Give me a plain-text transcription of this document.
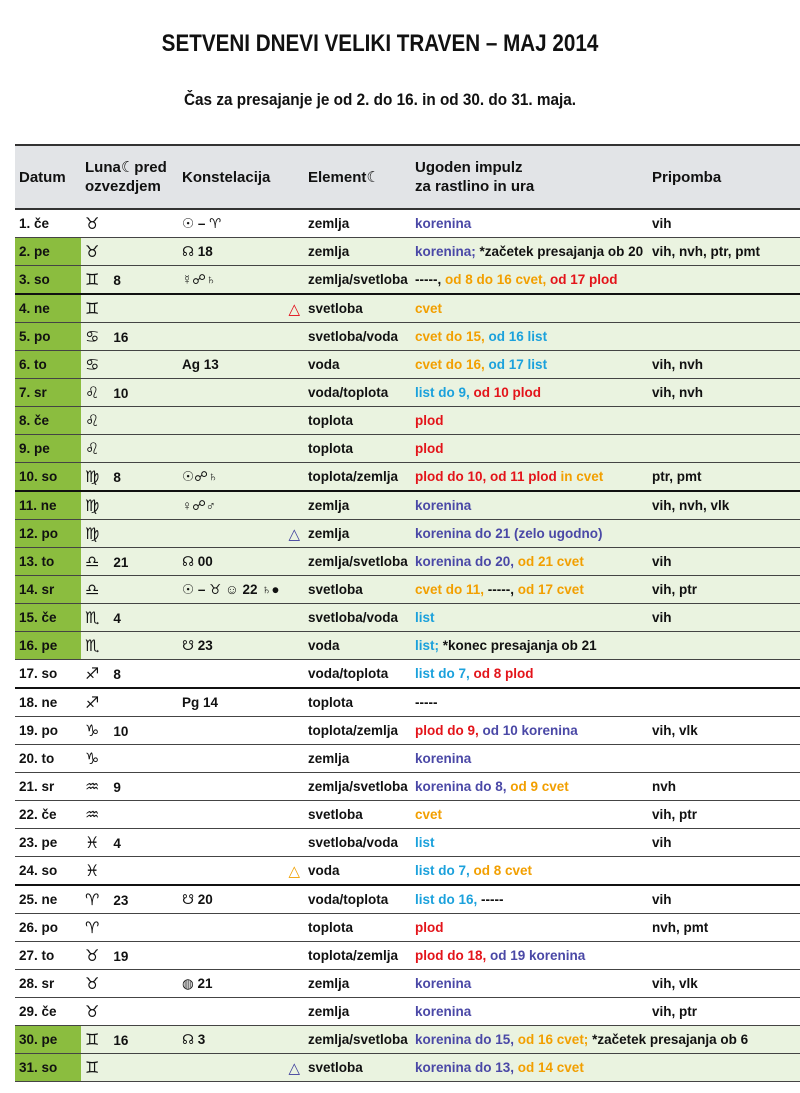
SETVENI DNEVI VELIKI TRAVEN – MAJ 2014
Čas za presajanje je od 2. do 16. in od 30. do 31. maja.
Datum	Luna☾pred
ozvezdjem	Konstelacija	Element☾	Ugoden impulz
za rastlino in ura	Pripomba
1. če	♉	☉ – ♈	zemlja	korenina	vih
2. pe	♉	☊ 18	zemlja	korenina; *začetek presajanja ob 20	vih, nvh, ptr, pmt
3. so	♊ 8	☿☍♄	zemlja/svetloba	-----, od 8 do 16 cvet, od 17 plod	
4. ne	♊	△	svetloba	cvet	
5. po	♋ 16		svetloba/voda	cvet do 15, od 16 list	
6. to	♋	Ag 13	voda	cvet do 16, od 17 list	vih, nvh
7. sr	♌ 10		voda/toplota	list do 9, od 10 plod	vih, nvh
8. če	♌		toplota	plod	
9. pe	♌		toplota	plod	
10. so	♍ 8	☉☍♄	toplota/zemlja	plod do 10, od 11 plod in cvet	ptr, pmt
11. ne	♍	♀☍♂	zemlja	korenina	vih, nvh, vlk
12. po	♍	△	zemlja	korenina do 21 (zelo ugodno)	
13. to	♎ 21	☊ 00	zemlja/svetloba	korenina do 20, od 21 cvet	vih
14. sr	♎	☉ – ♉ ☺ 22 ♄●	svetloba	cvet do 11, -----, od 17 cvet	vih, ptr
15. če	♏ 4		svetloba/voda	list	vih
16. pe	♏	☋ 23	voda	list; *konec presajanja ob 21	
17. so	♐ 8		voda/toplota	list do 7, od 8 plod	
18. ne	♐	Pg 14	toplota	-----	
19. po	♑ 10		toplota/zemlja	plod do 9, od 10 korenina	vih, vlk
20. to	♑		zemlja	korenina	
21. sr	♒ 9		zemlja/svetloba	korenina do 8, od 9 cvet	nvh
22. če	♒		svetloba	cvet	vih, ptr
23. pe	♓ 4		svetloba/voda	list	vih
24. so	♓	△	voda	list do 7, od 8 cvet	
25. ne	♈ 23	☋ 20	voda/toplota	list do 16, -----	vih
26. po	♈		toplota	plod	nvh, pmt
27. to	♉ 19		toplota/zemlja	plod do 18, od 19 korenina	
28. sr	♉	◍ 21	zemlja	korenina	vih, vlk
29. če	♉		zemlja	korenina	vih, ptr
30. pe	♊ 16	☊ 3	zemlja/svetloba	korenina do 15, od 16 cvet; *začetek presajanja ob 6	
31. so	♊	△	svetloba	korenina do 13, od 14 cvet	
